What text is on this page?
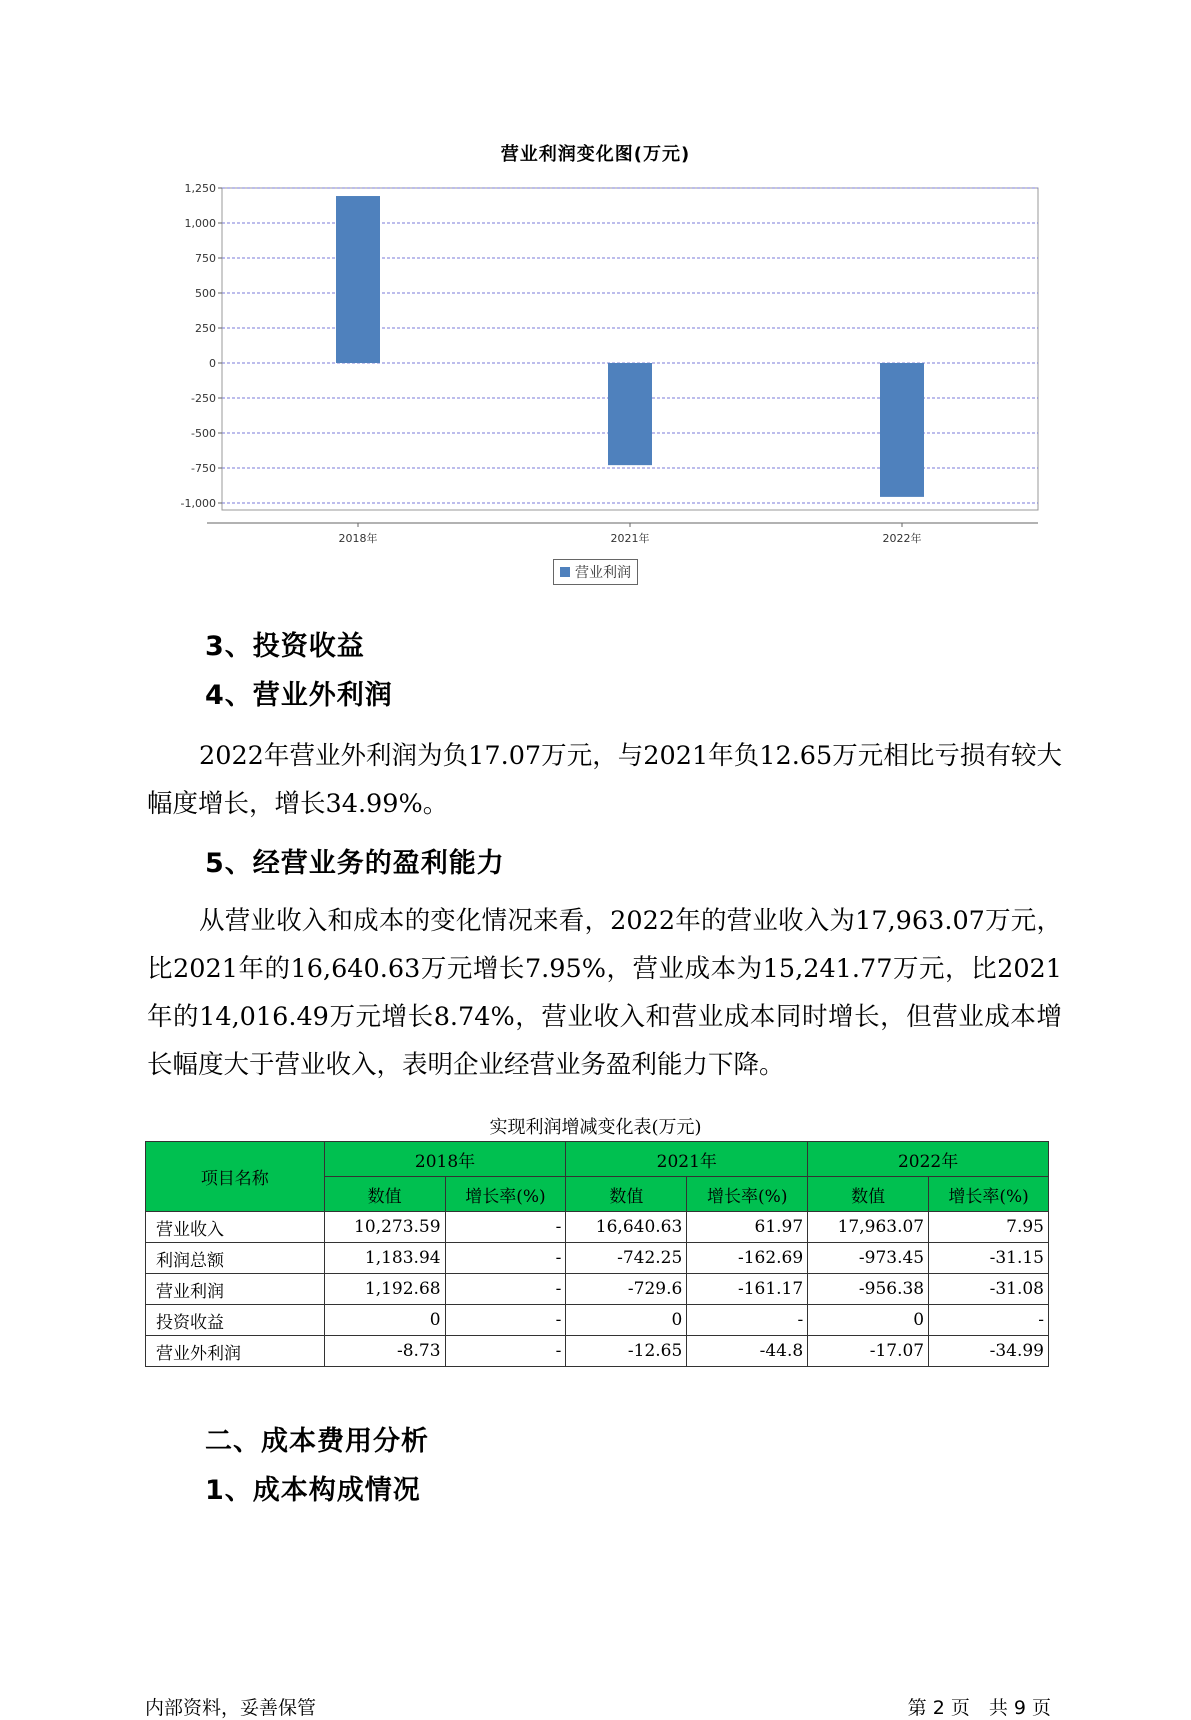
营业利润变化图(万元)
1,250
1,000
750
500
250
0
-250
-500
-750
-1,000
2018年	2021年	2022年
营业利润
3、投资收益
4、营业外利润
2022年营业外利润为负17.07万元，与2021年负12.65万元相比亏损有较大幅度增长，增长34.99%。
5、经营业务的盈利能力
从营业收入和成本的变化情况来看，2022年的营业收入为17,963.07万元，比2021年的16,640.63万元增长7.95%，营业成本为15,241.77万元，比2021年的14,016.49万元增长8.74%，营业收入和营业成本同时增长，但营业成本增长幅度大于营业收入，表明企业经营业务盈利能力下降。
实现利润增减变化表(万元)
项目名称	2018年		2021年		2022年	
	数值	增长率(%)	数值	增长率(%)	数值	增长率(%)
营业收入	10,273.59	-	16,640.63	61.97	17,963.07	7.95
利润总额	1,183.94	-	-742.25	-162.69	-973.45	-31.15
营业利润	1,192.68	-	-729.6	-161.17	-956.38	-31.08
投资收益	0	-	0	-	0	-
营业外利润	-8.73	-	-12.65	-44.8	-17.07	-34.99
二、成本费用分析
1、成本构成情况
内部资料，妥善保管	第 2 页　共 9 页
